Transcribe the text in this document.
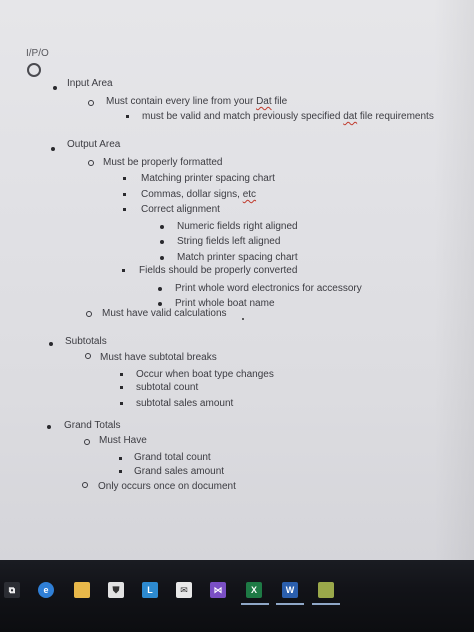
I/P/O
Input Area
Must contain every line from your Dat file
must be valid and match previously specified dat file requirements
Output Area
Must be properly formatted
Matching printer spacing chart
Commas, dollar signs, etc
Correct alignment
Numeric fields right aligned
String fields left aligned
Match printer spacing chart
Fields should be properly converted
Print whole word electronics for accessory
Print whole boat name
Must have valid calculations
Subtotals
Must have subtotal breaks
Occur when boat type changes
subtotal count
subtotal sales amount
Grand Totals
Must Have
Grand total count
Grand sales amount
Only occurs once on document
⧉	e	⛊	L	✉	⋈	X	W
